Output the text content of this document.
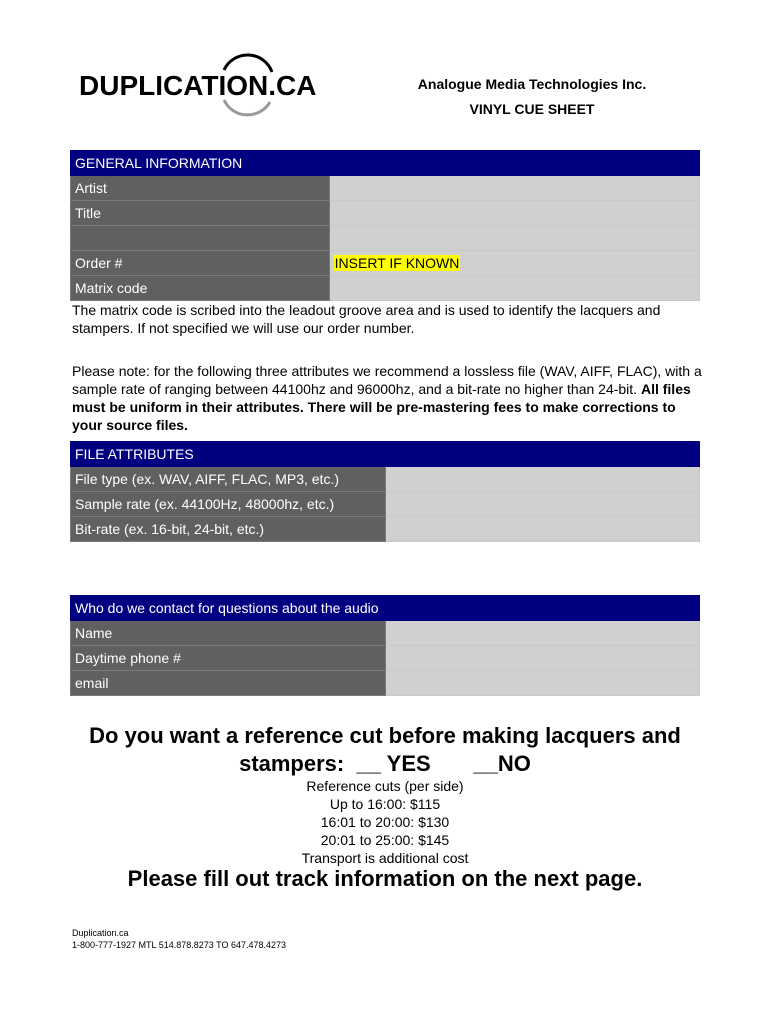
DUPLICATION.CA	Analogue Media Technologies Inc.
VINYL CUE SHEET
GENERAL INFORMATION	
Artist	
Title	

Order #	INSERT IF KNOWN
Matrix code	
The matrix code is scribed into the leadout groove area and is used to identify the lacquers and stampers. If not specified we will use our order number.
Please note: for the following three attributes we recommend a lossless file (WAV, AIFF, FLAC), with a sample rate of ranging between 44100hz and 96000hz, and a bit-rate no higher than 24-bit. All files must be uniform in their attributes. There will be pre-mastering fees to make corrections to your source files.
FILE ATTRIBUTES	
File type (ex. WAV, AIFF, FLAC, MP3, etc.)	
Sample rate (ex. 44100Hz, 48000hz, etc.)	
Bit-rate (ex. 16-bit, 24-bit, etc.)	
Who do we contact for questions about the audio	
Name	
Daytime phone #	
email	
Do you want a reference cut before making lacquers and
stampers:  __ YES       __NO
Reference cuts (per side)
Up to 16:00: $115
16:01 to 20:00: $130
20:01 to 25:00: $145
Transport is additional cost
Please fill out track information on the next page.
Duplication.ca
1-800-777-1927 MTL 514.878.8273 TO 647.478.4273
